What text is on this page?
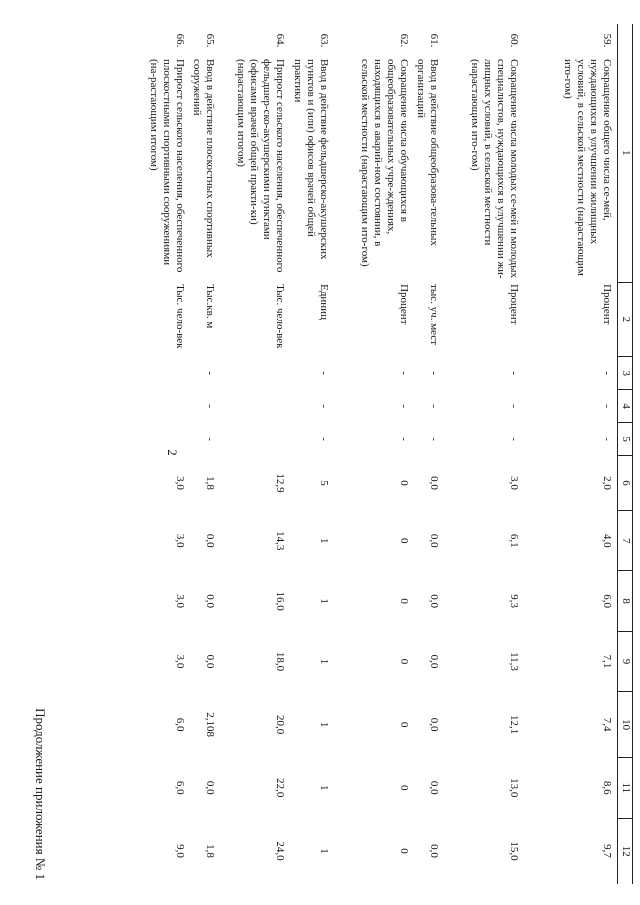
1		2	3	4	5	6	7	8	9	10	11	12
59.	Сокращение общего числа се-мей, нуждающихся в улучшении жилищных условий, в сельской местности (нарастающим ито-гом)	Процент	-	-	-	2,0	4,0	6,0	7,1	7,4	8,6	9,7
60.	Сокращение числа молодых се-мей и молодых специалистов, нуждающихся в улучшении жи-лищных условий, в сельской местности (нарастающим ито-гом)	Процент	-	-	-	3,0	6,1	9,3	11,3	12,1	13,0	15,0
61.	Ввод в действие общеобразова-тельных организаций	тыс. уч. мест	-	-	-	0,0	0,0	0,0	0,0	0,0	0,0	0,0
62.	Сокращение числа обучающихся в общеобразовательных учре-ждениях, находящихся в аварий-ном состоянии, в сельской местности (нарастающим ито-гом)	Процент	-	-	-	0	0	0	0	0	0	0
63.	Ввод в действие фельдшерско-акушерских пунктов и (или) офисов врачей общей практики	Единиц	-	-	-	5	1	1	1	1	1	1
64.	Прирост сельского населения, обеспеченного фельдшер-ско-акушерскими пунктами (офисами врачей общей практи-ки) (нарастающим итогом)	Тыс. чело-век				12,9	14,3	16,0	18,0	20,0	22,0	24,0
65.	Ввод в действие плоскостных спортивных сооружений	Тыс.кв. м	-	-	-	1,8	0,0	0,0	0,0	2,108	0,0	1,8
66.	Прирост сельского населения, обеспеченного плоскостными спортивными сооружениями (на-растающим итогом)	Тыс. чело-век				3,0	3,0	3,0	3,0	6,0	6,0	9,0
2
Продолжение приложения № 1
